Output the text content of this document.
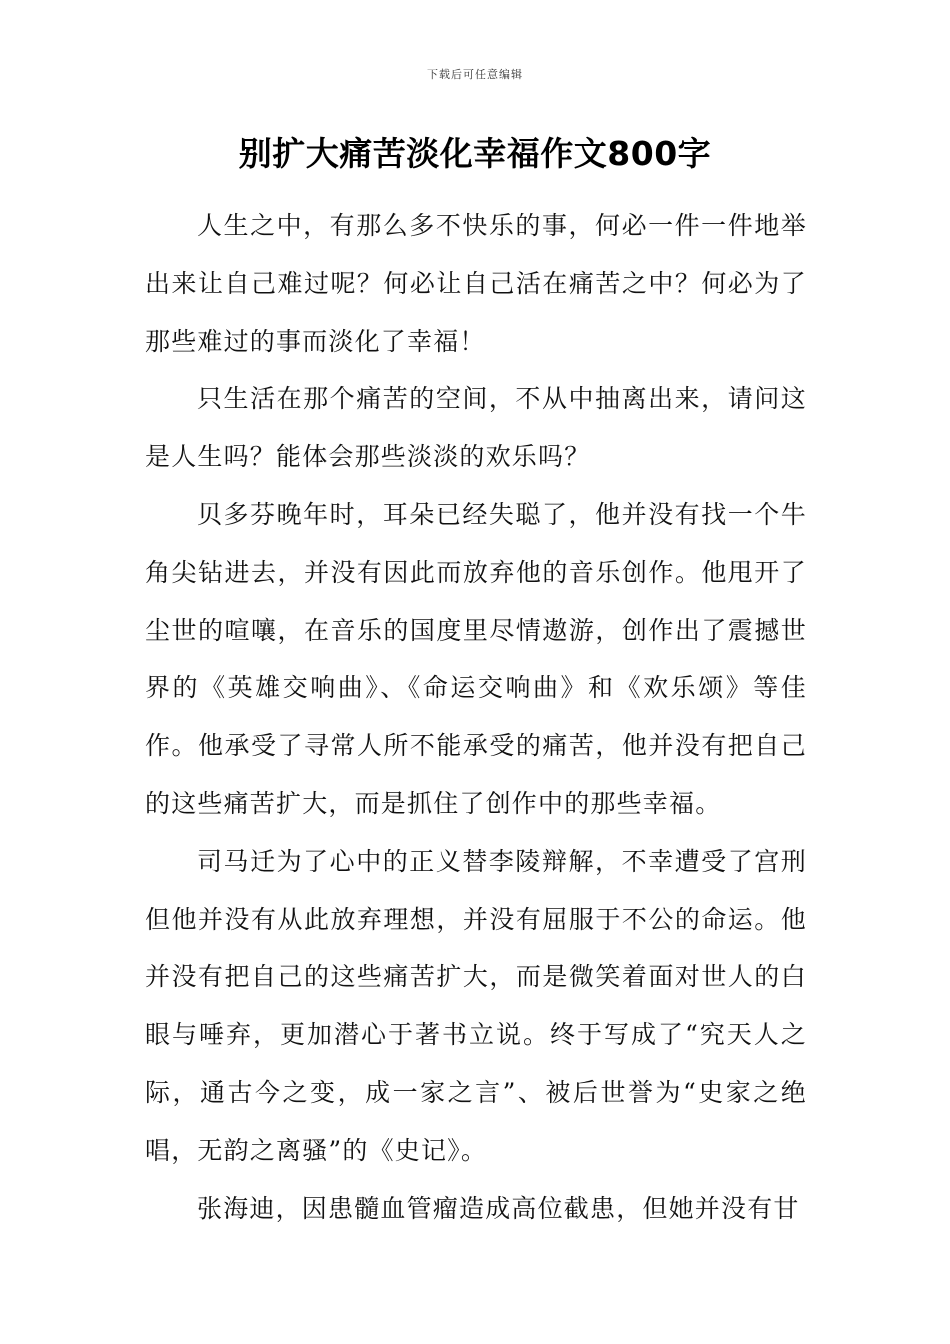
下载后可任意编辑
别扩大痛苦淡化幸福作文800字

人生之中，有那么多不快乐的事，何必一件一件地举出来让自己难过呢？何必让自己活在痛苦之中？何必为了那些难过的事而淡化了幸福！

只生活在那个痛苦的空间，不从中抽离出来，请问这是人生吗？能体会那些淡淡的欢乐吗？

贝多芬晚年时，耳朵已经失聪了，他并没有找一个牛角尖钻进去，并没有因此而放弃他的音乐创作。他甩开了尘世的喧嚷，在音乐的国度里尽情遨游，创作出了震撼世界的《英雄交响曲》、《命运交响曲》和《欢乐颂》等佳作。他承受了寻常人所不能承受的痛苦，他并没有把自己的这些痛苦扩大，而是抓住了创作中的那些幸福。

司马迁为了心中的正义替李陵辩解，不幸遭受了宫刑但他并没有从此放弃理想，并没有屈服于不公的命运。他并没有把自己的这些痛苦扩大，而是微笑着面对世人的白眼与唾弃，更加潜心于著书立说。终于写成了“究天人之际，通古今之变，成一家之言”、被后世誉为“史家之绝唱，无韵之离骚”的《史记》。

张海迪，因患髓血管瘤造成高位截患，但她并没有甘
